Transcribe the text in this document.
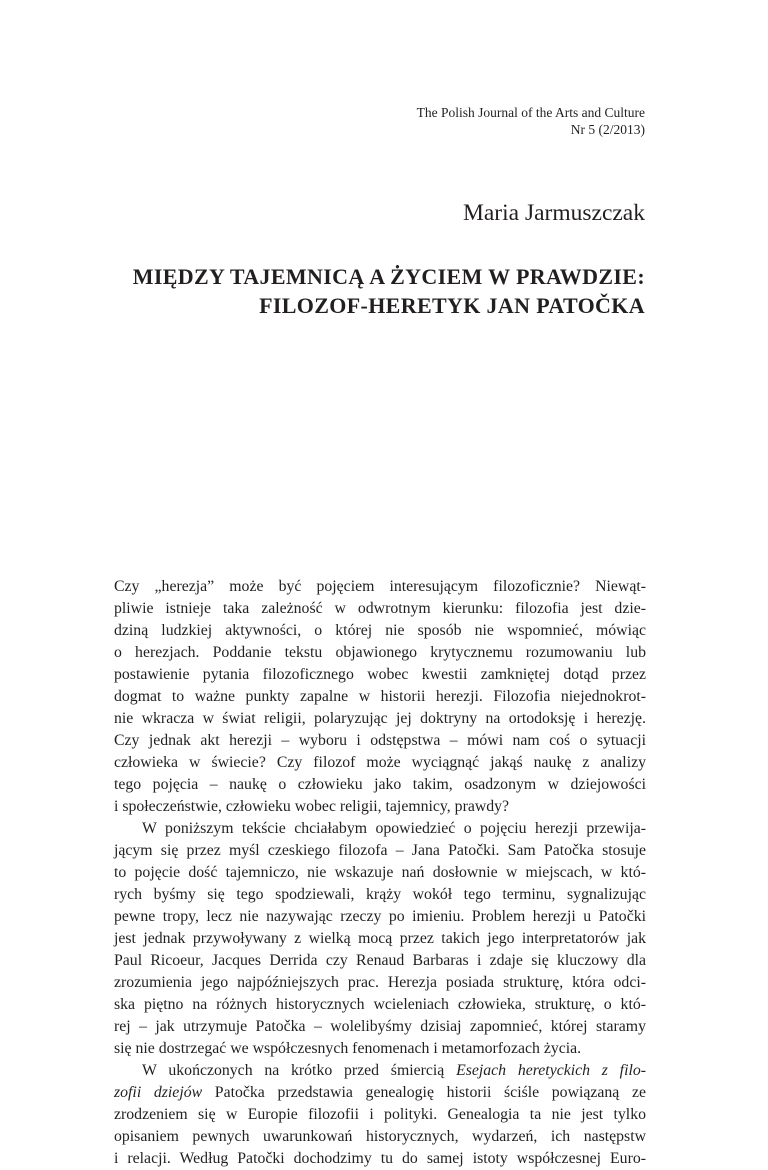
The Polish Journal of the Arts and Culture
Nr 5 (2/2013)
Maria Jarmuszczak
MIĘDZY TAJEMNICĄ A ŻYCIEM W PRAWDZIE:
FILOZOF-HERETYK JAN PATOČKA
Czy „herezja” może być pojęciem interesującym filozoficznie? Niewąt-
pliwie istnieje taka zależność w odwrotnym kierunku: filozofia jest dzie-
dziną ludzkiej aktywności, o której nie sposób nie wspomnieć, mówiąc
o herezjach. Poddanie tekstu objawionego krytycznemu rozumowaniu lub
postawienie pytania filozoficznego wobec kwestii zamkniętej dotąd przez
dogmat to ważne punkty zapalne w historii herezji. Filozofia niejednokrot-
nie wkracza w świat religii, polaryzując jej doktryny na ortodoksję i herezję.
Czy jednak akt herezji – wyboru i odstępstwa – mówi nam coś o sytuacji
człowieka w świecie? Czy filozof może wyciągnąć jakąś naukę z analizy
tego pojęcia – naukę o człowieku jako takim, osadzonym w dziejowości
i społeczeństwie, człowieku wobec religii, tajemnicy, prawdy?
W poniższym tekście chciałabym opowiedzieć o pojęciu herezji przewija-
jącym się przez myśl czeskiego filozofa – Jana Patočki. Sam Patočka stosuje
to pojęcie dość tajemniczo, nie wskazuje nań dosłownie w miejscach, w któ-
rych byśmy się tego spodziewali, krąży wokół tego terminu, sygnalizując
pewne tropy, lecz nie nazywając rzeczy po imieniu. Problem herezji u Patočki
jest jednak przywoływany z wielką mocą przez takich jego interpretatorów jak
Paul Ricoeur, Jacques Derrida czy Renaud Barbaras i zdaje się kluczowy dla
zrozumienia jego najpóźniejszych prac. Herezja posiada strukturę, która odci-
ska piętno na różnych historycznych wcieleniach człowieka, strukturę, o któ-
rej – jak utrzymuje Patočka – wolelibyśmy dzisiaj zapomnieć, której staramy
się nie dostrzegać we współczesnych fenomenach i metamorfozach życia.
W ukończonych na krótko przed śmiercią Esejach heretyckich z filo-
zofii dziejów Patočka przedstawia genealogię historii ściśle powiązaną ze
zrodzeniem się w Europie filozofii i polityki. Genealogia ta nie jest tylko
opisaniem pewnych uwarunkowań historycznych, wydarzeń, ich następstw
i relacji. Według Patočki dochodzimy tu do samej istoty współczesnej Euro-
